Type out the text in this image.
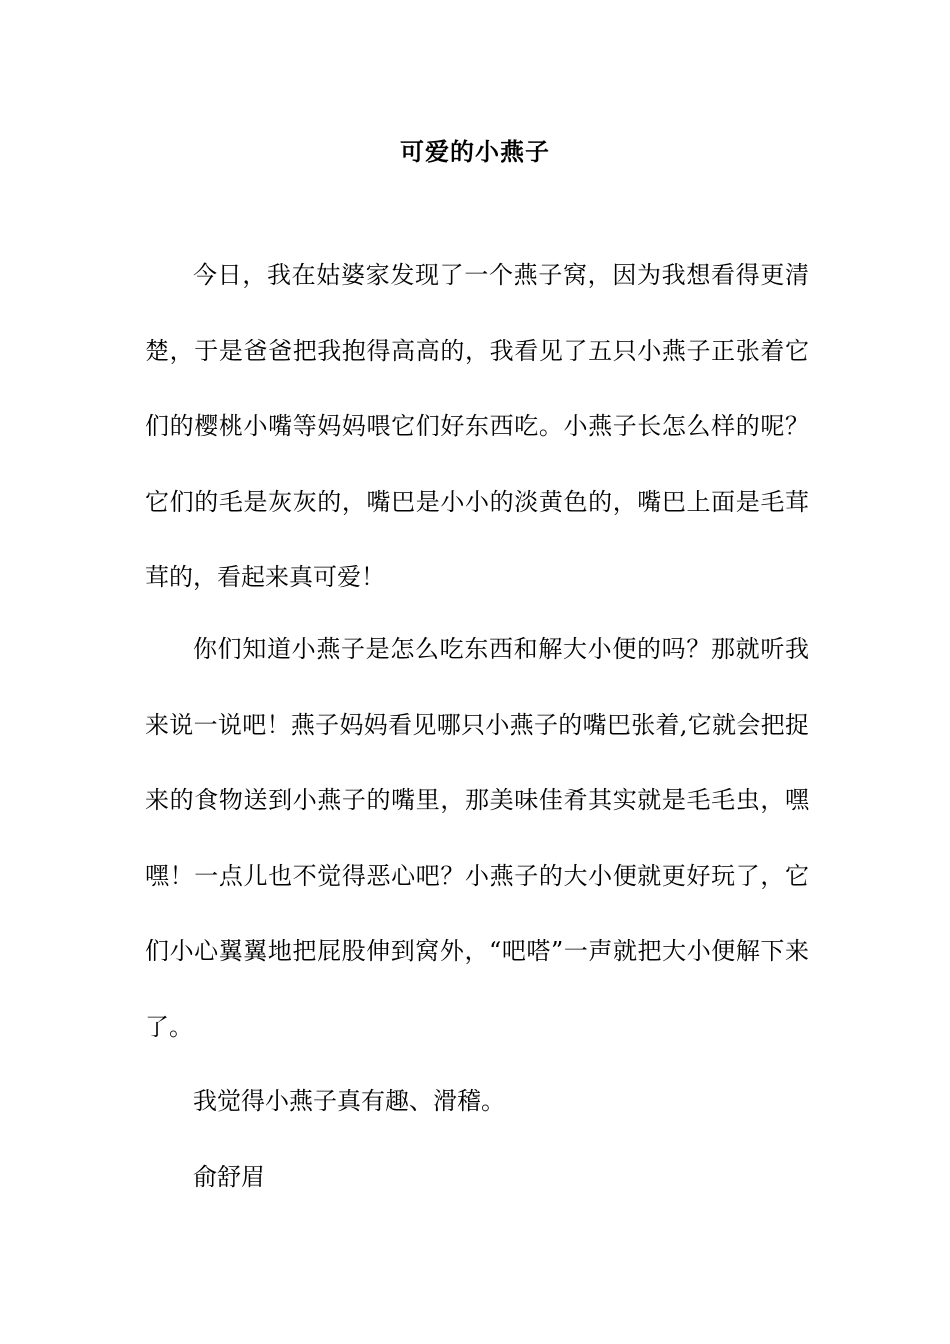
可爱的小燕子

今日，我在姑婆家发现了一个燕子窝，因为我想看得更清楚，于是爸爸把我抱得高高的，我看见了五只小燕子正张着它们的樱桃小嘴等妈妈喂它们好东西吃。小燕子长怎么样的呢？它们的毛是灰灰的，嘴巴是小小的淡黄色的，嘴巴上面是毛茸茸的，看起来真可爱！

你们知道小燕子是怎么吃东西和解大小便的吗？那就听我来说一说吧！燕子妈妈看见哪只小燕子的嘴巴张着,它就会把捉来的食物送到小燕子的嘴里，那美味佳肴其实就是毛毛虫，嘿嘿！一点儿也不觉得恶心吧？小燕子的大小便就更好玩了，它们小心翼翼地把屁股伸到窝外，“吧嗒”一声就把大小便解下来了。

我觉得小燕子真有趣、滑稽。

俞舒眉
